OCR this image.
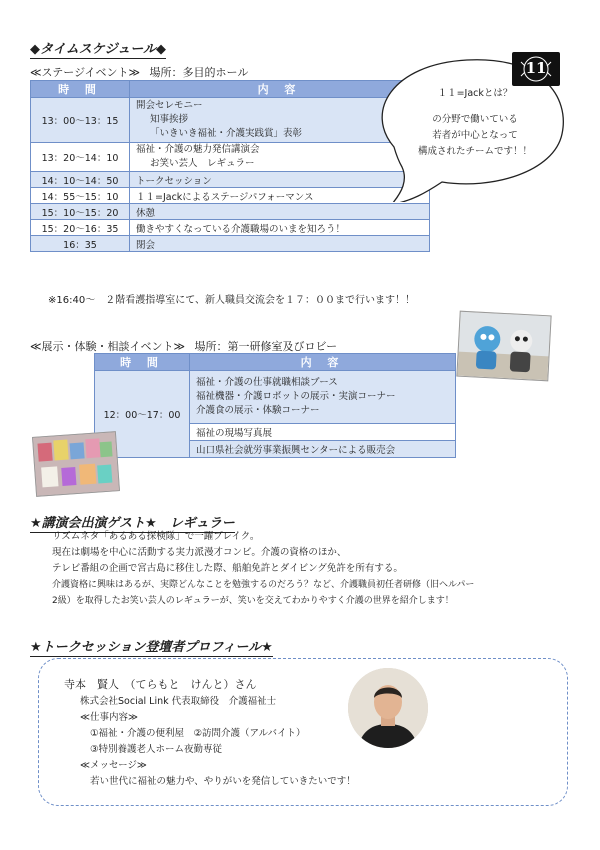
◆タイムスケジュール◆
≪ステージイベント≫ 場所：多目的ホール
時 間	内 容
13：00～13：15	開会セレモニー
知事挨拶
「いきいき福祉・介護実践賞」表彰

13：20～14：10	福祉・介護の魅力発信講演会
お笑い芸人　レギュラー

14：10～14：50	トークセッション
14：55～15：10	１１=Jackによるステージパフォーマンス
15：10～15：20	休憩
15：20～16：35	働きやすくなっている介護職場のいまを知ろう！
16：35	閉会
１１=Jackとは？
の分野で働いている
若者が中心となって
構成されたチームです！！
11
※16:40～　２階看護指導室にて、新人職員交流会を１７：００まで行います！！
≪展示・体験・相談イベント≫ 場所：第一研修室及びロビー
時 間	内 容
12：00～17：00	福祉・介護の仕事就職相談ブース
福祉機器・介護ロボットの展示・実演コーナー
介護食の展示・体験コーナー

	福祉の現場写真展
	山口県社会就労事業振興センターによる販売会
★講演会出演ゲスト★　レギュラー
リズムネタ「あるある探検隊」で一躍ブレイク。
現在は劇場を中心に活動する実力派漫才コンビ。介護の資格のほか、
テレビ番組の企画で宮古島に移住した際、船舶免許とダイビング免許を所有する。
介護資格に興味はあるが、実際どんなことを勉強するのだろう？など、介護職員初任者研修（旧ヘルパー
2級）を取得したお笑い芸人のレギュラーが、笑いを交えてわかりやすく介護の世界を紹介します！
★トークセッション登壇者プロフィール★
寺本　賢人　（てらもと　けんと）さん
株式会社Social Link 代表取締役　介護福祉士
≪仕事内容≫
①福祉・介護の便利屋　②訪問介護（アルバイト）
③特別養護老人ホーム夜勤専従
≪メッセージ≫
若い世代に福祉の魅力や、やりがいを発信していきたいです！
